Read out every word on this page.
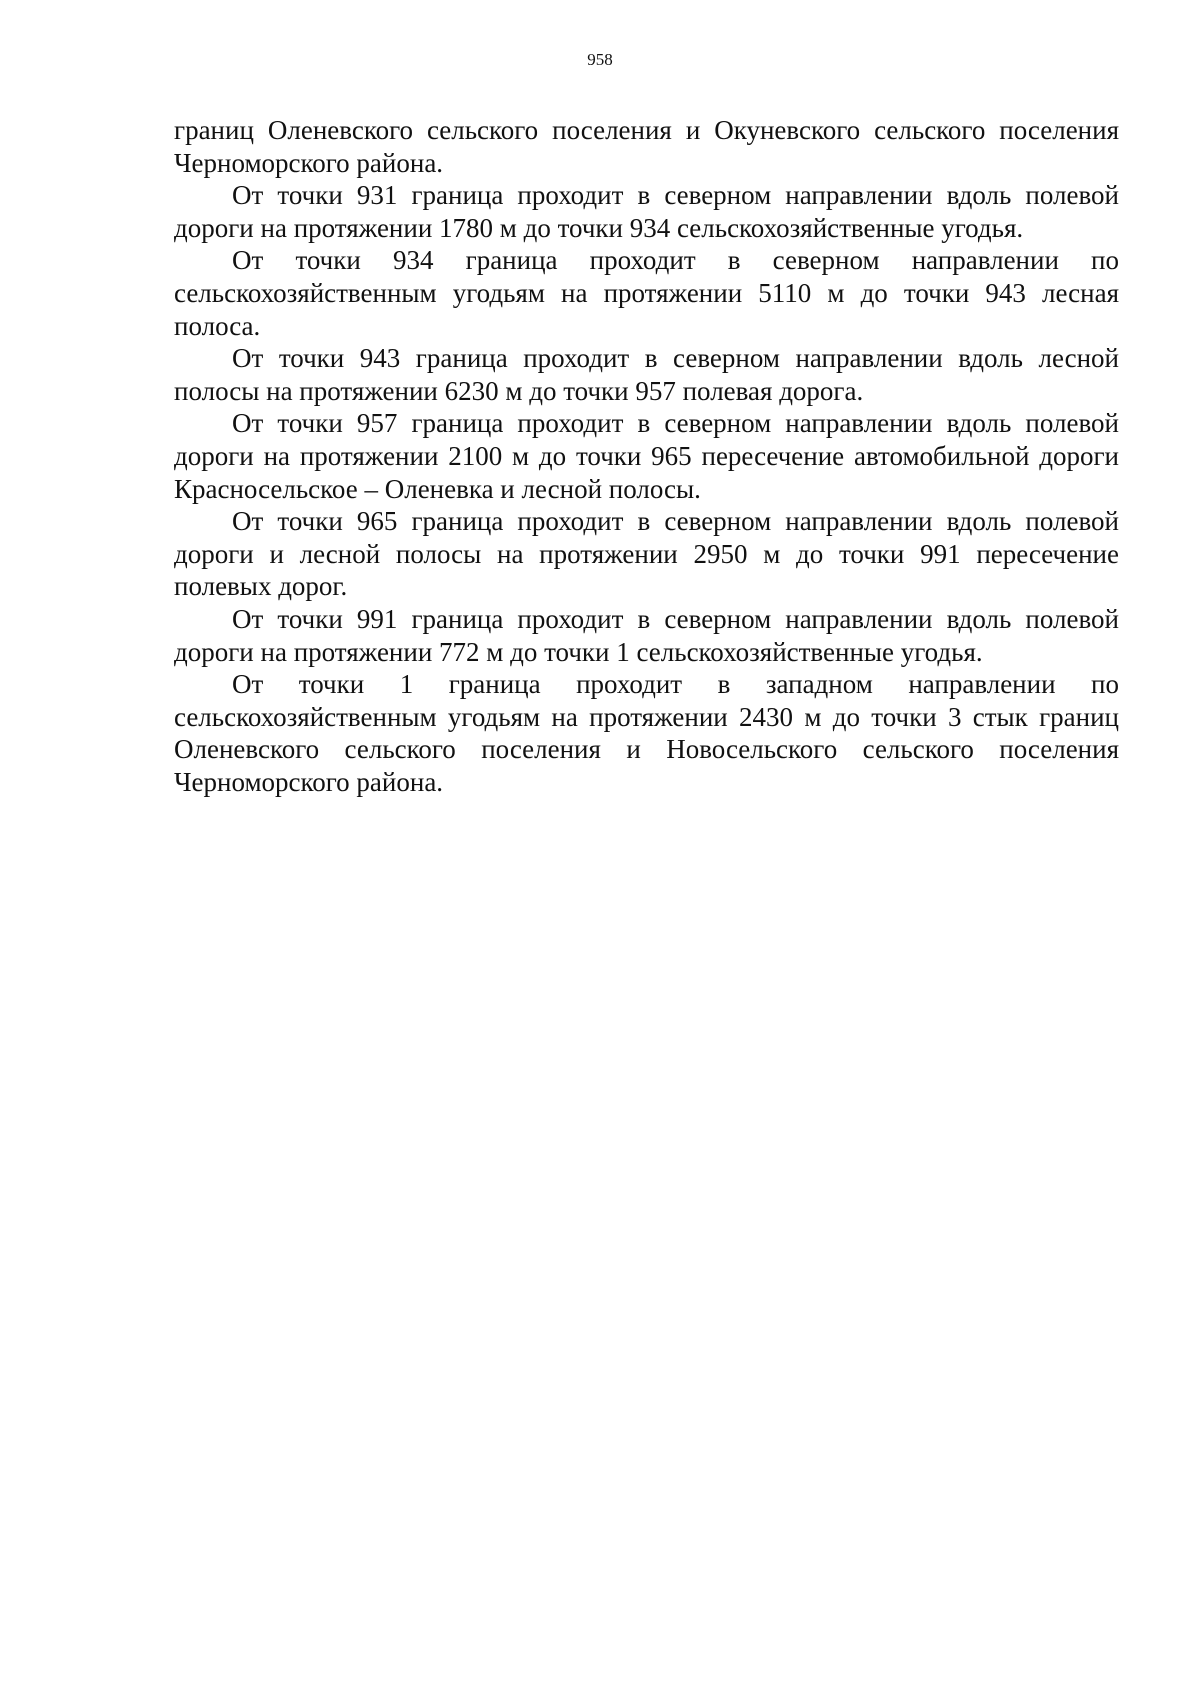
958

границ Оленевского сельского поселения и Окуневского сельского поселения Черноморского района.

От точки 931 граница проходит в северном направлении вдоль полевой дороги на протяжении 1780 м до точки 934 сельскохозяйственные угодья.

От точки 934 граница проходит в северном направлении по сельскохозяйственным угодьям на протяжении 5110 м до точки 943 лесная полоса.

От точки 943 граница проходит в северном направлении вдоль лесной полосы на протяжении 6230 м до точки 957 полевая дорога.

От точки 957 граница проходит в северном направлении вдоль полевой дороги на протяжении 2100 м до точки 965 пересечение автомобильной дороги Красносельское – Оленевка и лесной полосы.

От точки 965 граница проходит в северном направлении вдоль полевой дороги и лесной полосы на протяжении 2950 м до точки 991 пересечение полевых дорог.

От точки 991 граница проходит в северном направлении вдоль полевой дороги на протяжении 772 м до точки 1 сельскохозяйственные угодья.

От точки 1 граница проходит в западном направлении по сельскохозяйственным угодьям на протяжении 2430 м до точки 3 стык границ Оленевского сельского поселения и Новосельского сельского поселения Черноморского района.
